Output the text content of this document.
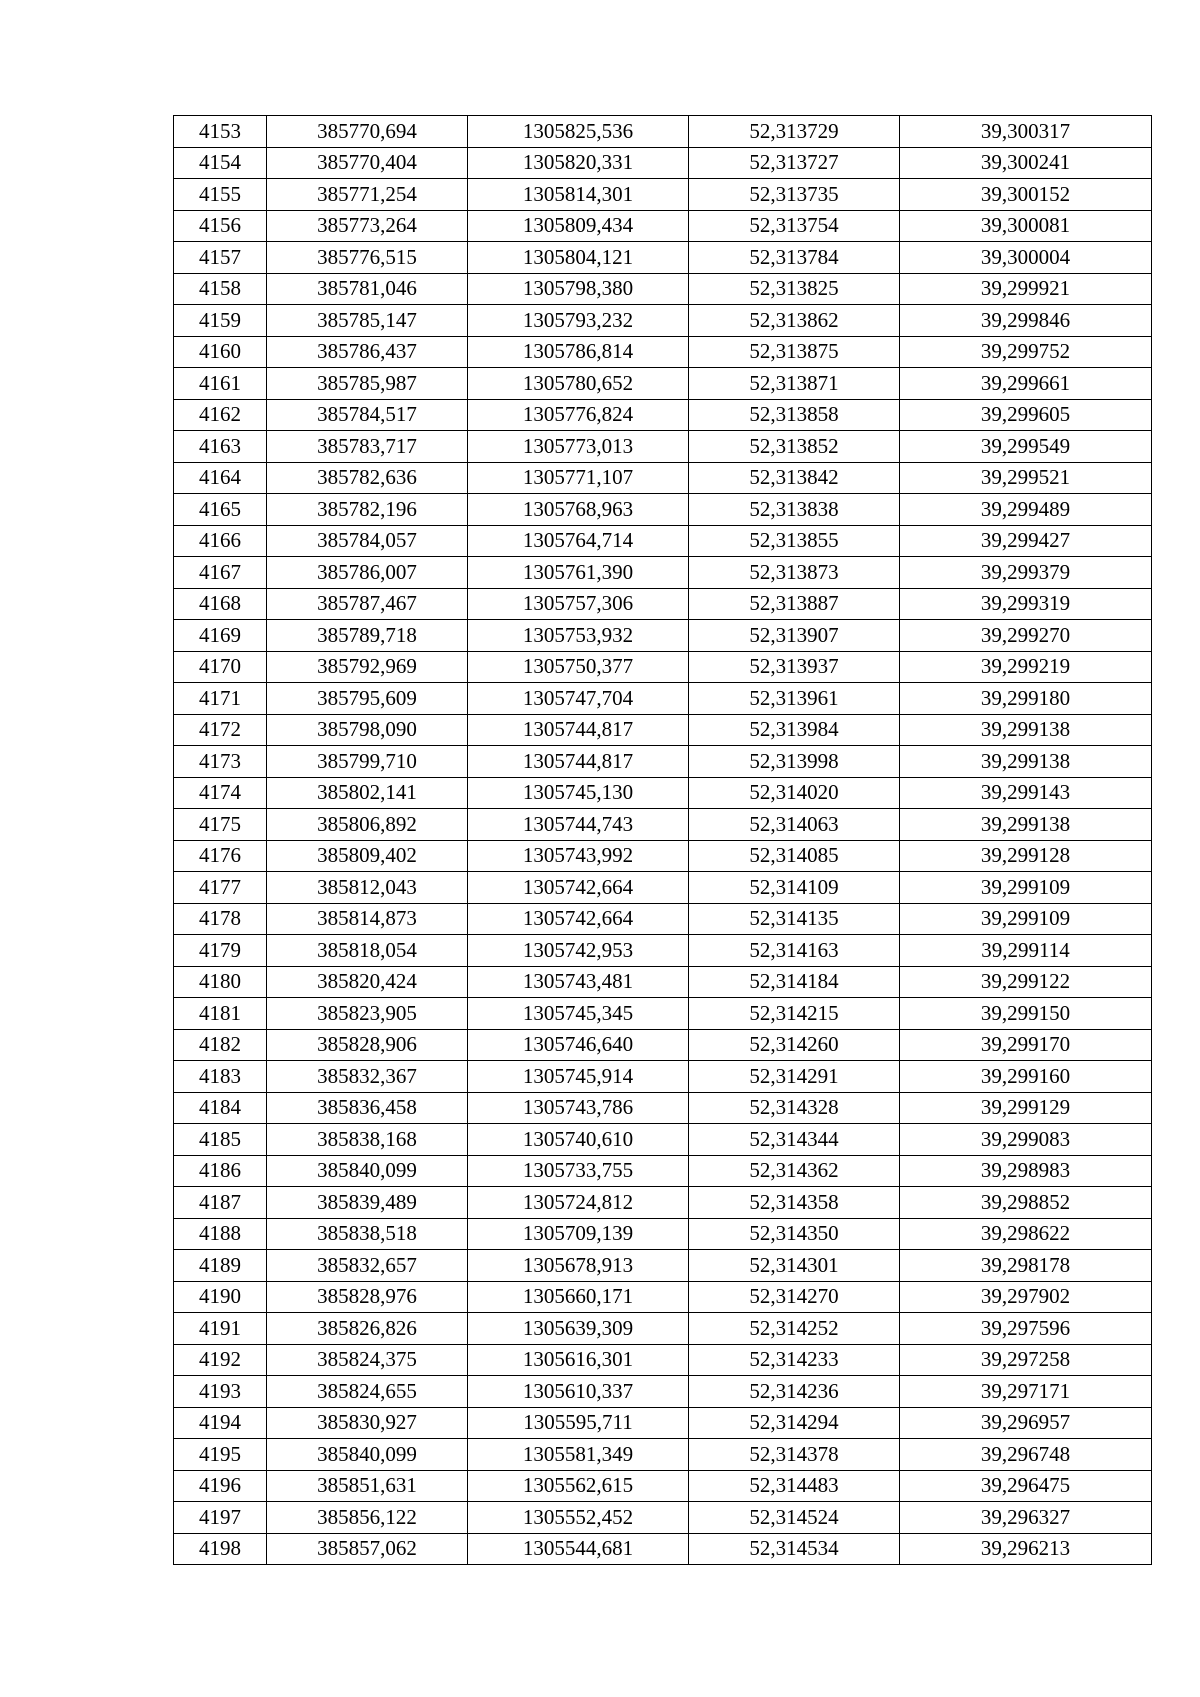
4153	385770,694	1305825,536	52,313729	39,300317
4154	385770,404	1305820,331	52,313727	39,300241
4155	385771,254	1305814,301	52,313735	39,300152
4156	385773,264	1305809,434	52,313754	39,300081
4157	385776,515	1305804,121	52,313784	39,300004
4158	385781,046	1305798,380	52,313825	39,299921
4159	385785,147	1305793,232	52,313862	39,299846
4160	385786,437	1305786,814	52,313875	39,299752
4161	385785,987	1305780,652	52,313871	39,299661
4162	385784,517	1305776,824	52,313858	39,299605
4163	385783,717	1305773,013	52,313852	39,299549
4164	385782,636	1305771,107	52,313842	39,299521
4165	385782,196	1305768,963	52,313838	39,299489
4166	385784,057	1305764,714	52,313855	39,299427
4167	385786,007	1305761,390	52,313873	39,299379
4168	385787,467	1305757,306	52,313887	39,299319
4169	385789,718	1305753,932	52,313907	39,299270
4170	385792,969	1305750,377	52,313937	39,299219
4171	385795,609	1305747,704	52,313961	39,299180
4172	385798,090	1305744,817	52,313984	39,299138
4173	385799,710	1305744,817	52,313998	39,299138
4174	385802,141	1305745,130	52,314020	39,299143
4175	385806,892	1305744,743	52,314063	39,299138
4176	385809,402	1305743,992	52,314085	39,299128
4177	385812,043	1305742,664	52,314109	39,299109
4178	385814,873	1305742,664	52,314135	39,299109
4179	385818,054	1305742,953	52,314163	39,299114
4180	385820,424	1305743,481	52,314184	39,299122
4181	385823,905	1305745,345	52,314215	39,299150
4182	385828,906	1305746,640	52,314260	39,299170
4183	385832,367	1305745,914	52,314291	39,299160
4184	385836,458	1305743,786	52,314328	39,299129
4185	385838,168	1305740,610	52,314344	39,299083
4186	385840,099	1305733,755	52,314362	39,298983
4187	385839,489	1305724,812	52,314358	39,298852
4188	385838,518	1305709,139	52,314350	39,298622
4189	385832,657	1305678,913	52,314301	39,298178
4190	385828,976	1305660,171	52,314270	39,297902
4191	385826,826	1305639,309	52,314252	39,297596
4192	385824,375	1305616,301	52,314233	39,297258
4193	385824,655	1305610,337	52,314236	39,297171
4194	385830,927	1305595,711	52,314294	39,296957
4195	385840,099	1305581,349	52,314378	39,296748
4196	385851,631	1305562,615	52,314483	39,296475
4197	385856,122	1305552,452	52,314524	39,296327
4198	385857,062	1305544,681	52,314534	39,296213
